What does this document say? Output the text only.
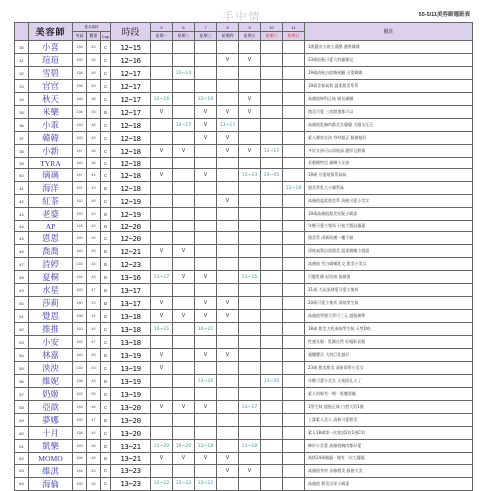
手中情	55-5/11美容師週班表
	美容師	基本資料			時段	5	6	7	8	9	10	11	備註
		身高	體重	Cup		星期一	星期二	星期三	星期四	星期五	星期六	星期日	
30	小喜	155	45	C	12~15								1開選出小說小混酷 濃香嬌貨
31	瑄瑄	160	46	C	12~16				V	V			23歲短髮可愛大奶貓雅兒
32	雪碧	158	48	C	12~17		12~14						19歲清純自慰嗨到翻 可愛嬌嬌
33	官官	158	45	C	12~17								19歲青春氣質 溫柔甜美系系
34	秋天	165	48	C	12~17	12~16		12~16		V			高顏值婦科正妹 腿長細腰
35	米樂	158	45	B	12~17	V		V	V	V			甜美可愛 三次開頂都可以
36	小乖	160	48	C	12~18		14~17	V	13~17				高顏值乳胸肉都美女優優 大眼水汪汪
37	韓韓	160	45	C	12~18			V	V				素人鄰家女孩 身材超正 服務超好
38	小新	167	48	C	12~18	V	V		V	V	12~17		多好女孩可以清純深 濃厚且熱情
39	TYRA	163	46	C	12~18								長腿模特兒 細腰小女孩
40	璃璃	167	44	C	12~18	V		V		15~23	24~05		19歲 可愛純情系妹妹
41	海洋	167	43	B	12~18							12~18	甜美系乳大小嬌系妹
42	紅茶	162	48	C	12~19				V				高顏值溫柔甜美系 清純可愛小美女
43	老婆	153	43	B	12~19								19歲高顏值甜美短髮小嬌妻
44	AP	163	45	B	12~20								年輕可愛小隻馬 只接大製品優惠
45	恩恩	160	46	C	12~20								甜美系 清新肌膚一樓不錯
46	喬喬	163	45	B	12~21	V	V						清純氣質出道甜美 溫柔嬌嫩小姐姐
47	詩婷	163	44	B	12~23								高顏值 雪白嬌嫩乳交 甜美小美女
48	夏桐	164	45	B	13~16	13~17	V	V		13~15			百變乳嬌 轻纹接 高顏值
49	水星	160	47	B	13~17								21歲 大而深刻愛可愛小隻馬
50	莎莉	160	43	B	13~17	V		V	V				20歲可愛小隻馬 清純學生妹
51	覺恩	168	44	D	13~18	V	V	V	V				高顏值學歷大學可三元 超服務擎
52	推推	163	44	C	13~18	16~21		16~21					18歲 甜美大奶清純學生妹 天然D奶
53	小安	162	47	C	13~18								性感長腿 · 乳嬌自然 好眼影長腿
54	林嘉	163	45	B	13~19	V		V	V				超纖寶貝 大奶巨乳超好
55	泱泱	160	43	C	13~19	V							23歲 甜美甜美 清新即學小美女
56	維妮	158	45	B	13~19			13~20			13~20		年輕可愛小美女 天使面孔天了
57	奶姬	162	55	G	13~19								素人奶姬有一期 · 肌膚滑膩
58	亞歆	163	46	C	13~20	V	V	V		13~17			1學生妹 超級正妹 白皙大奶1號
59	夢娜	160	47	B	13~20								上課素人美人 清新可愛甜美
60	十月	158	44	C	13~20								素人18歲第一次嘗試2次1週C奶
61	凱樂	165	48	D	13~21	13~20	16~20	13~18		13~18			陣形小美愛 高顏值胸肉都好愛
62	MOMO	166	46	B	13~21	V	V	V	V				高挑24歲靚麗 · 僅有一次大優惠
63	維淇	165	45	C	13~23				V	V			高顏值身材 苗條甜美 服務大美
64	海倫	160	46	C	13~23	12~22	12~22	12~22					高顏值 甜美出眾小嬌妻
